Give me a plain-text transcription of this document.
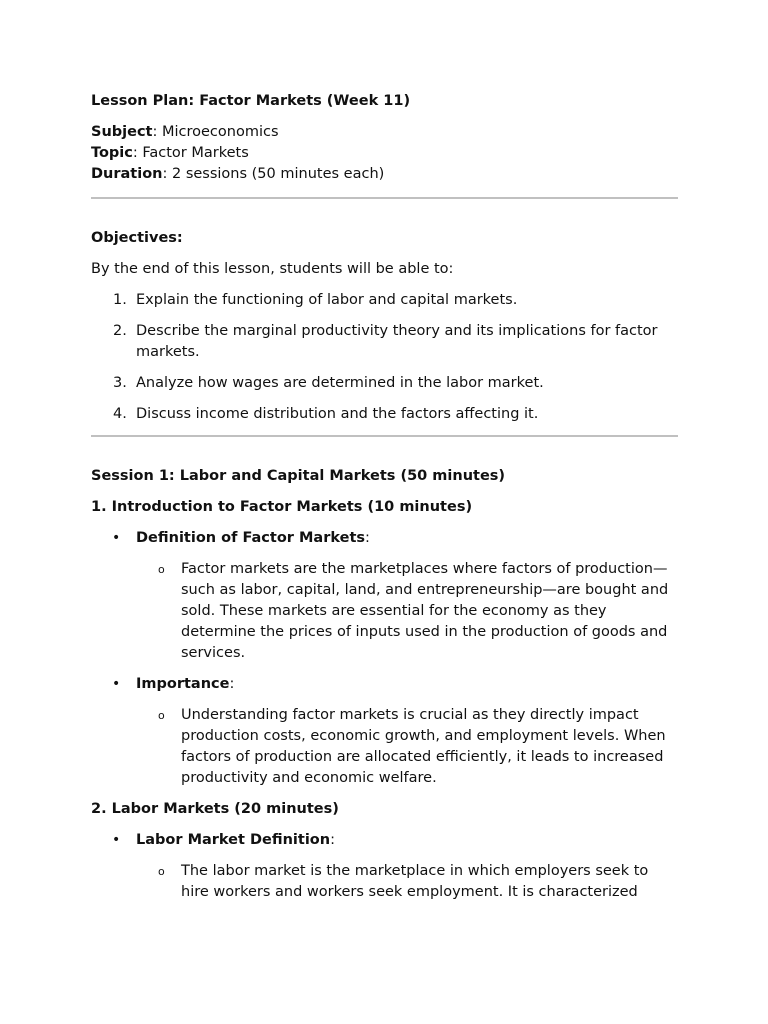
Lesson Plan: Factor Markets (Week 11)

Subject: Microeconomics

Topic: Factor Markets

Duration: 2 sessions (50 minutes each)

Objectives:

By the end of this lesson, students will be able to:

1. Explain the functioning of labor and capital markets.
2. Describe the marginal productivity theory and its implications for factor markets.
3. Analyze how wages are determined in the labor market.
4. Discuss income distribution and the factors affecting it.

Session 1: Labor and Capital Markets (50 minutes)

1. Introduction to Factor Markets (10 minutes)

• Definition of Factor Markets:
o Factor markets are the marketplaces where factors of production—such as labor, capital, land, and entrepreneurship—are bought and sold. These markets are essential for the economy as they determine the prices of inputs used in the production of goods and services.
• Importance:
o Understanding factor markets is crucial as they directly impact production costs, economic growth, and employment levels. When factors of production are allocated efficiently, it leads to increased productivity and economic welfare.

2. Labor Markets (20 minutes)

• Labor Market Definition:
o The labor market is the marketplace in which employers seek to hire workers and workers seek employment. It is characterized
